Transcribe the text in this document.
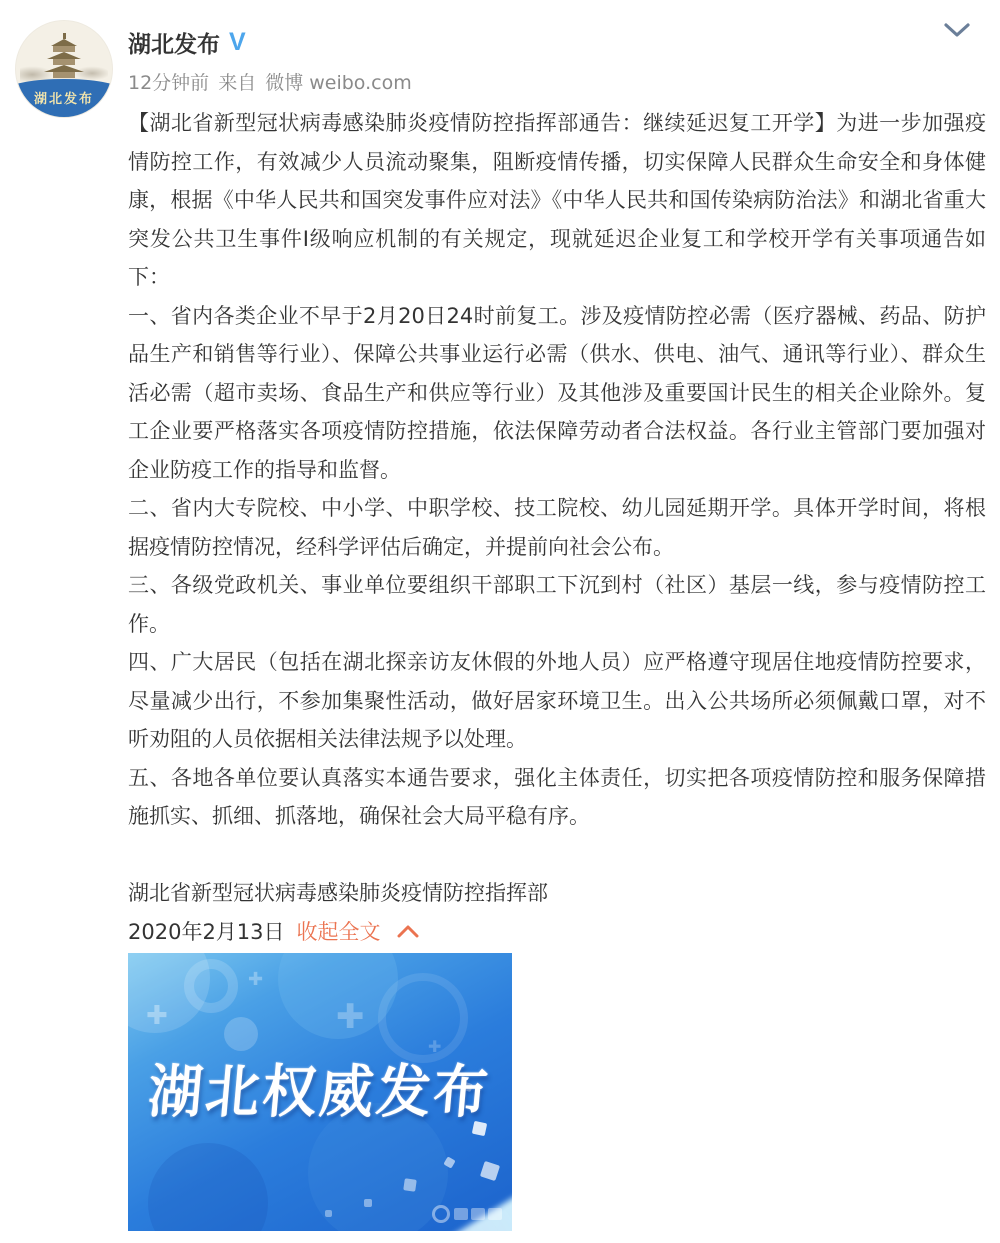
湖北发布
湖北发布 V
12分钟前 来自 微博 weibo.com

【湖北省新型冠状病毒感染肺炎疫情防控指挥部通告：继续延迟复工开学】为进一步加强疫情防控工作，有效减少人员流动聚集，阻断疫情传播，切实保障人民群众生命安全和身体健康，根据《中华人民共和国突发事件应对法》《中华人民共和国传染病防治法》和湖北省重大突发公共卫生事件I级响应机制的有关规定，现就延迟企业复工和学校开学有关事项通告如下：

一、省内各类企业不早于2月20日24时前复工。涉及疫情防控必需（医疗器械、药品、防护品生产和销售等行业）、保障公共事业运行必需（供水、供电、油气、通讯等行业）、群众生活必需（超市卖场、食品生产和供应等行业）及其他涉及重要国计民生的相关企业除外。复工企业要严格落实各项疫情防控措施，依法保障劳动者合法权益。各行业主管部门要加强对企业防疫工作的指导和监督。

二、省内大专院校、中小学、中职学校、技工院校、幼儿园延期开学。具体开学时间，将根据疫情防控情况，经科学评估后确定，并提前向社会公布。

三、各级党政机关、事业单位要组织干部职工下沉到村（社区）基层一线，参与疫情防控工作。

四、广大居民（包括在湖北探亲访友休假的外地人员）应严格遵守现居住地疫情防控要求，尽量减少出行，不参加集聚性活动，做好居家环境卫生。出入公共场所必须佩戴口罩，对不听劝阻的人员依据相关法律法规予以处理。

五、各地各单位要认真落实本通告要求，强化主体责任，切实把各项疫情防控和服务保障措施抓实、抓细、抓落地，确保社会大局平稳有序。

湖北省新型冠状病毒感染肺炎疫情防控指挥部

2020年2月13日 收起全文

✚	✚
✚
✚
湖北权威发布
